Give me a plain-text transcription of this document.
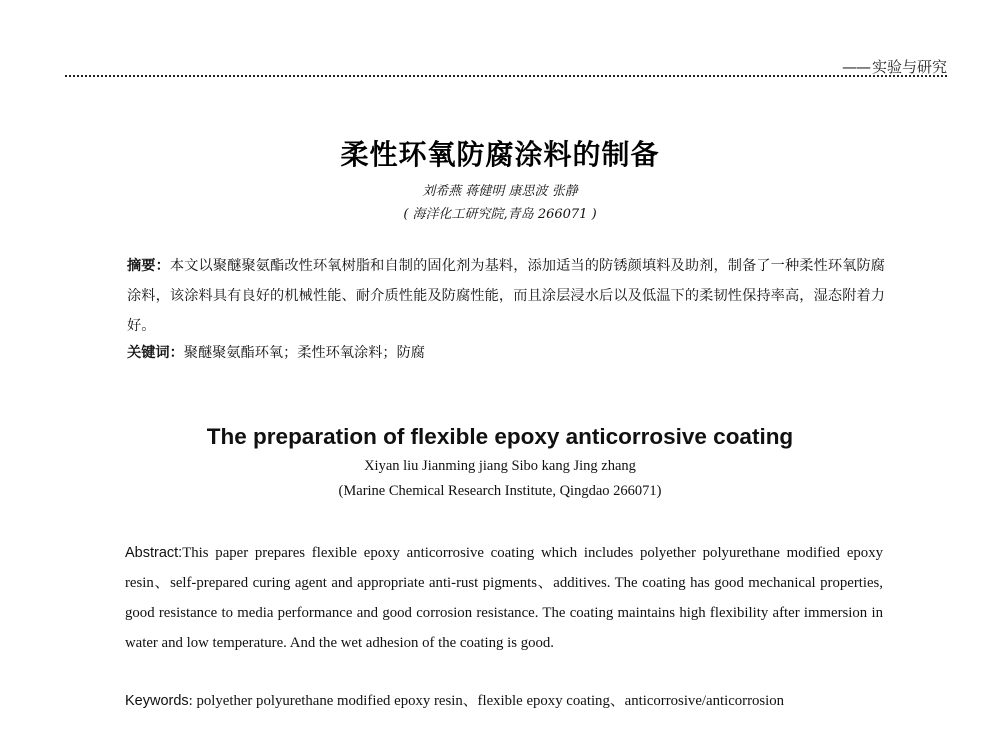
—— 实验与研究
柔性环氧防腐涂料的制备
刘希燕 蒋健明 康思波 张静
( 海洋化工研究院,青岛 266071 )
摘要：本文以聚醚聚氨酯改性环氧树脂和自制的固化剂为基料，添加适当的防锈颜填料及助剂，制备了一种柔性环氧防腐涂料，该涂料具有良好的机械性能、耐介质性能及防腐性能，而且涂层浸水后以及低温下的柔韧性保持率高，湿态附着力好。
关键词：聚醚聚氨酯环氧；柔性环氧涂料；防腐
The preparation of flexible epoxy anticorrosive coating
Xiyan liu Jianming jiang Sibo kang Jing zhang
(Marine Chemical Research Institute, Qingdao 266071)
Abstract:This paper prepares flexible epoxy anticorrosive coating which includes polyether polyurethane modified epoxy resin、self-prepared curing agent and appropriate anti-rust pigments、additives. The coating has good mechanical properties, good resistance to media performance and good corrosion resistance. The coating maintains high flexibility after immersion in water and low temperature. And the wet adhesion of the coating is good.
Keywords: polyether polyurethane modified epoxy resin、flexible epoxy coating、anticorrosive/anticorrosion
